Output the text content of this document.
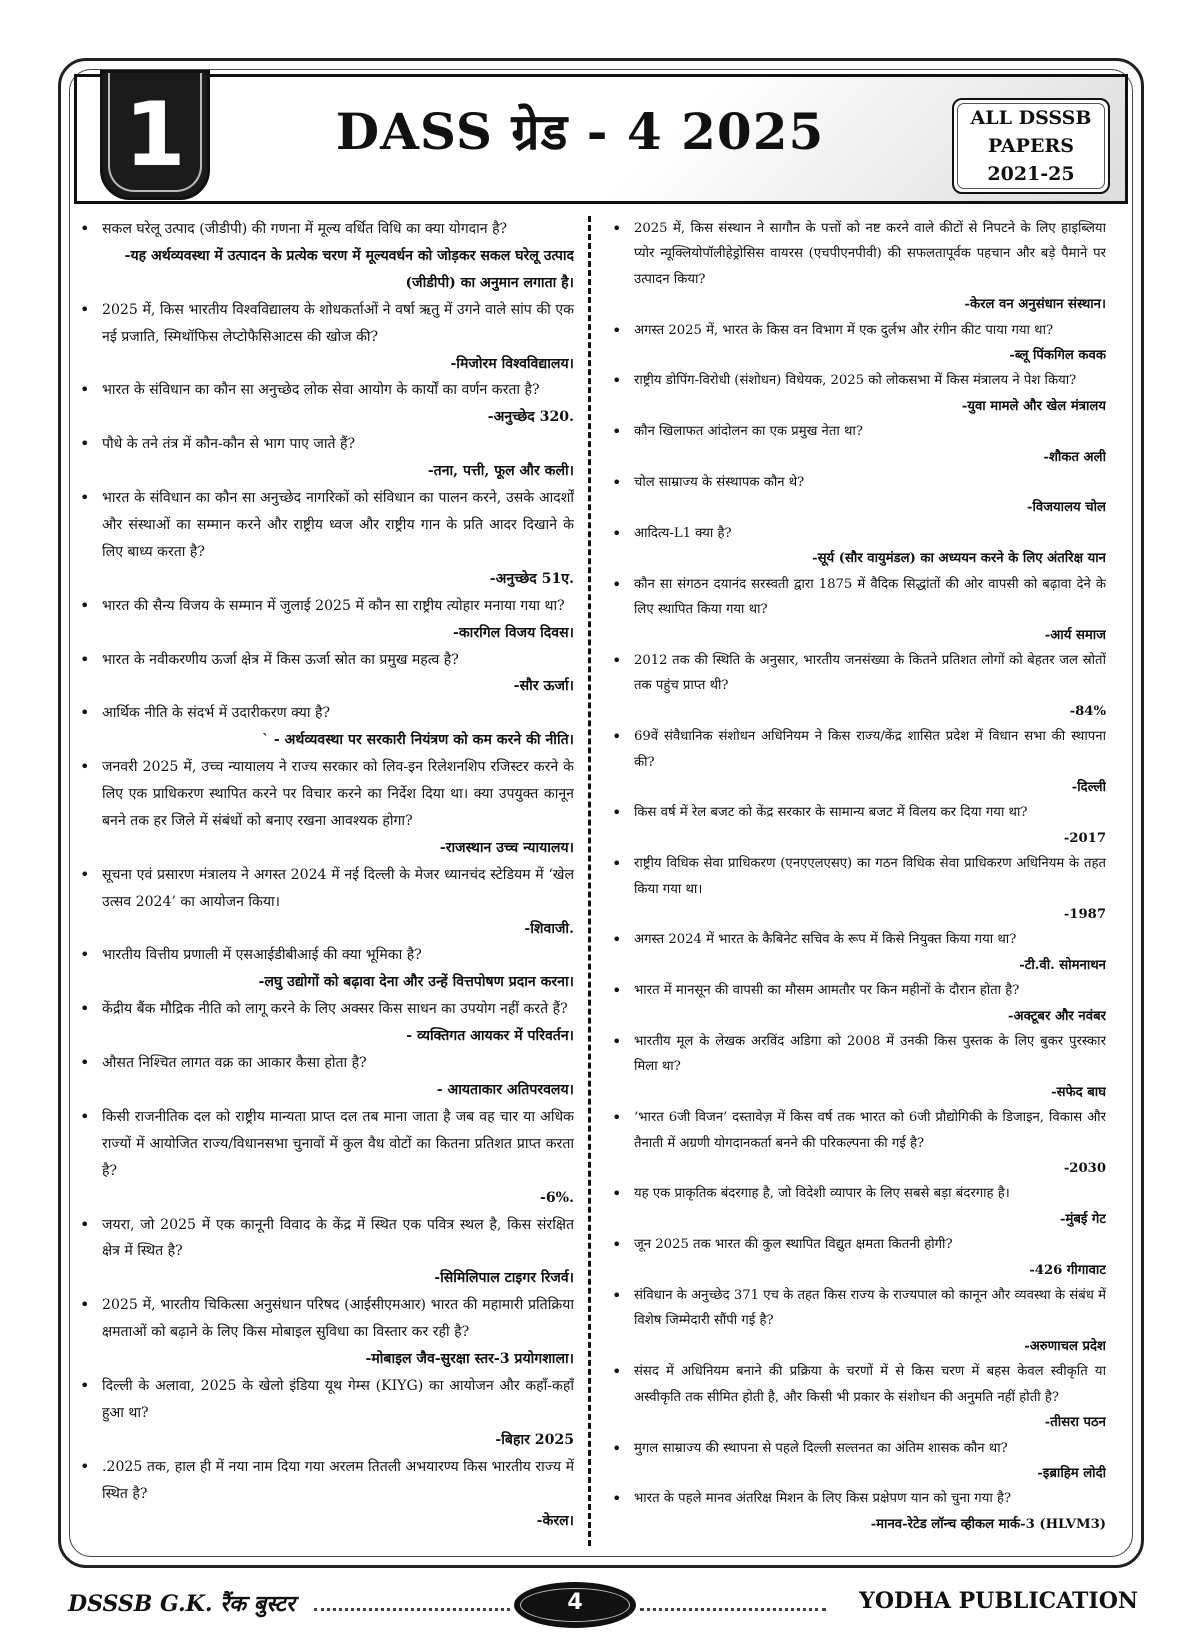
1	DASS ग्रेड - 4 2025	ALL DSSSB
PAPERS
2021-25
• सकल घरेलू उत्पाद (जीडीपी) की गणना में मूल्य वर्धित विधि का क्या योगदान है?
-यह अर्थव्यवस्था में उत्पादन के प्रत्येक चरण में मूल्यवर्धन को जोड़कर सकल घरेलू उत्पाद (जीडीपी) का अनुमान लगाता है।
• 2025 में, किस भारतीय विश्वविद्यालय के शोधकर्ताओं ने वर्षा ऋतु में उगने वाले सांप की एक नई प्रजाति, स्मिथॉफिस लेप्टोफैसिआटस की खोज की?
-मिजोरम विश्वविद्यालय।
• भारत के संविधान का कौन सा अनुच्छेद लोक सेवा आयोग के कार्यों का वर्णन करता है?
-अनुच्छेद 320.
• पौधे के तने तंत्र में कौन-कौन से भाग पाए जाते हैं?
-तना, पत्ती, फूल और कली।
• भारत के संविधान का कौन सा अनुच्छेद नागरिकों को संविधान का पालन करने, उसके आदर्शों और संस्थाओं का सम्मान करने और राष्ट्रीय ध्वज और राष्ट्रीय गान के प्रति आदर दिखाने के लिए बाध्य करता है?
-अनुच्छेद 51ए.
• भारत की सैन्य विजय के सम्मान में जुलाई 2025 में कौन सा राष्ट्रीय त्योहार मनाया गया था?
-कारगिल विजय दिवस।
• भारत के नवीकरणीय ऊर्जा क्षेत्र में किस ऊर्जा स्रोत का प्रमुख महत्व है?
-सौर ऊर्जा।
• आर्थिक नीति के संदर्भ में उदारीकरण क्या है?
` - अर्थव्यवस्था पर सरकारी नियंत्रण को कम करने की नीति।
• जनवरी 2025 में, उच्च न्यायालय ने राज्य सरकार को लिव-इन रिलेशनशिप रजिस्टर करने के लिए एक प्राधिकरण स्थापित करने पर विचार करने का निर्देश दिया था। क्या उपयुक्त कानून बनने तक हर जिले में संबंधों को बनाए रखना आवश्यक होगा?
-राजस्थान उच्च न्यायालय।
• सूचना एवं प्रसारण मंत्रालय ने अगस्त 2024 में नई दिल्ली के मेजर ध्यानचंद स्टेडियम में ‘खेल उत्सव 2024’ का आयोजन किया।
-शिवाजी.
• भारतीय वित्तीय प्रणाली में एसआईडीबीआई की क्या भूमिका है?
-लघु उद्योगों को बढ़ावा देना और उन्हें वित्तपोषण प्रदान करना।
• केंद्रीय बैंक मौद्रिक नीति को लागू करने के लिए अक्सर किस साधन का उपयोग नहीं करते हैं?
- व्यक्तिगत आयकर में परिवर्तन।
• औसत निश्चित लागत वक्र का आकार कैसा होता है?
- आयताकार अतिपरवलय।
• किसी राजनीतिक दल को राष्ट्रीय मान्यता प्राप्त दल तब माना जाता है जब वह चार या अधिक राज्यों में आयोजित राज्य/विधानसभा चुनावों में कुल वैध वोटों का कितना प्रतिशत प्राप्त करता है?
-6%.
• जयरा, जो 2025 में एक कानूनी विवाद के केंद्र में स्थित एक पवित्र स्थल है, किस संरक्षित क्षेत्र में स्थित है?
-सिमिलिपाल टाइगर रिजर्व।
• 2025 में, भारतीय चिकित्सा अनुसंधान परिषद (आईसीएमआर) भारत की महामारी प्रतिक्रिया क्षमताओं को बढ़ाने के लिए किस मोबाइल सुविधा का विस्तार कर रही है?
-मोबाइल जैव-सुरक्षा स्तर-3 प्रयोगशाला।
• दिल्ली के अलावा, 2025 के खेलो इंडिया यूथ गेम्स (KIYG) का आयोजन और कहाँ-कहाँ हुआ था?
-बिहार 2025
• .2025 तक, हाल ही में नया नाम दिया गया अरलम तितली अभयारण्य किस भारतीय राज्य में स्थित है?
-केरल।
• 2025 में, किस संस्थान ने सागौन के पत्तों को नष्ट करने वाले कीटों से निपटने के लिए हाइब्लिया प्योर न्यूक्लियोपॉलीहेड्रोसिस वायरस (एचपीएनपीवी) की सफलतापूर्वक पहचान और बड़े पैमाने पर उत्पादन किया?
-केरल वन अनुसंधान संस्थान।
• अगस्त 2025 में, भारत के किस वन विभाग में एक दुर्लभ और रंगीन कीट पाया गया था?
-ब्लू पिंकगिल कवक
• राष्ट्रीय डोपिंग-विरोधी (संशोधन) विधेयक, 2025 को लोकसभा में किस मंत्रालय ने पेश किया?
-युवा मामले और खेल मंत्रालय
• कौन खिलाफत आंदोलन का एक प्रमुख नेता था?
-शौकत अली
• चोल साम्राज्य के संस्थापक कौन थे?
-विजयालय चोल
• आदित्य-L1 क्या है?
-सूर्य (सौर वायुमंडल) का अध्ययन करने के लिए अंतरिक्ष यान
• कौन सा संगठन दयानंद सरस्वती द्वारा 1875 में वैदिक सिद्धांतों की ओर वापसी को बढ़ावा देने के लिए स्थापित किया गया था?
-आर्य समाज
• 2012 तक की स्थिति के अनुसार, भारतीय जनसंख्या के कितने प्रतिशत लोगों को बेहतर जल स्रोतों तक पहुंच प्राप्त थी?
-84%
• 69वें संवैधानिक संशोधन अधिनियम ने किस राज्य/केंद्र शासित प्रदेश में विधान सभा की स्थापना की?
-दिल्ली
• किस वर्ष में रेल बजट को केंद्र सरकार के सामान्य बजट में विलय कर दिया गया था?
-2017
• राष्ट्रीय विधिक सेवा प्राधिकरण (एनएएलएसए) का गठन विधिक सेवा प्राधिकरण अधिनियम के तहत किया गया था।
-1987
• अगस्त 2024 में भारत के कैबिनेट सचिव के रूप में किसे नियुक्त किया गया था?
-टी.वी. सोमनाथन
• भारत में मानसून की वापसी का मौसम आमतौर पर किन महीनों के दौरान होता है?
-अक्टूबर और नवंबर
• भारतीय मूल के लेखक अरविंद अडिगा को 2008 में उनकी किस पुस्तक के लिए बुकर पुरस्कार मिला था?
-सफेद बाघ
• ‘भारत 6जी विजन’ दस्तावेज़ में किस वर्ष तक भारत को 6जी प्रौद्योगिकी के डिजाइन, विकास और तैनाती में अग्रणी योगदानकर्ता बनने की परिकल्पना की गई है?
-2030
• यह एक प्राकृतिक बंदरगाह है, जो विदेशी व्यापार के लिए सबसे बड़ा बंदरगाह है।
-मुंबई गेट
• जून 2025 तक भारत की कुल स्थापित विद्युत क्षमता कितनी होगी?
-426 गीगावाट
• संविधान के अनुच्छेद 371 एच के तहत किस राज्य के राज्यपाल को कानून और व्यवस्था के संबंध में विशेष जिम्मेदारी सौंपी गई है?
-अरुणाचल प्रदेश
• संसद में अधिनियम बनाने की प्रक्रिया के चरणों में से किस चरण में बहस केवल स्वीकृति या अस्वीकृति तक सीमित होती है, और किसी भी प्रकार के संशोधन की अनुमति नहीं होती है?
-तीसरा पठन
• मुगल साम्राज्य की स्थापना से पहले दिल्ली सल्तनत का अंतिम शासक कौन था?
-इब्राहिम लोदी
• भारत के पहले मानव अंतरिक्ष मिशन के लिए किस प्रक्षेपण यान को चुना गया है?
-मानव-रेटेड लॉन्च व्हीकल मार्क-3 (HLVM3)
DSSSB G.K. रैंक बुस्टर	4	YODHA PUBLICATION
